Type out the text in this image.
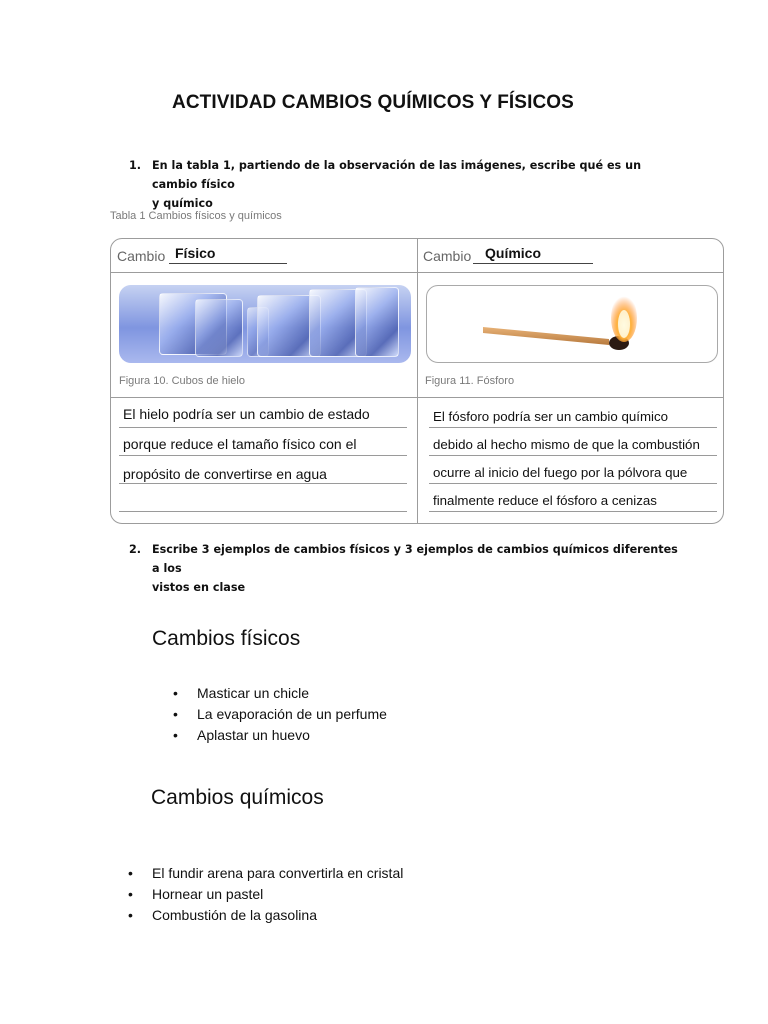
ACTIVIDAD CAMBIOS QUÍMICOS Y FÍSICOS
1. En la tabla 1, partiendo de la observación de las imágenes, escribe qué es un cambio físico
y químico
Tabla 1 Cambios físicos y químicos
Cambio Físico
Figura 10. Cubos de hielo
El hielo podría ser un cambio de estado
porque reduce el tamaño físico con el
propósito de convertirse en agua
Cambio Químico
Figura 11. Fósforo
El fósforo podría ser un cambio químico
debido al hecho mismo de que la combustión
ocurre al inicio del fuego por la pólvora que
finalmente reduce el fósforo a cenizas
2. Escribe 3 ejemplos de cambios físicos y 3 ejemplos de cambios químicos diferentes a los
vistos en clase
Cambios físicos
• Masticar un chicle
• La evaporación de un perfume
• Aplastar un huevo
Cambios químicos
• El fundir arena para convertirla en cristal
• Hornear un pastel
• Combustión de la gasolina
